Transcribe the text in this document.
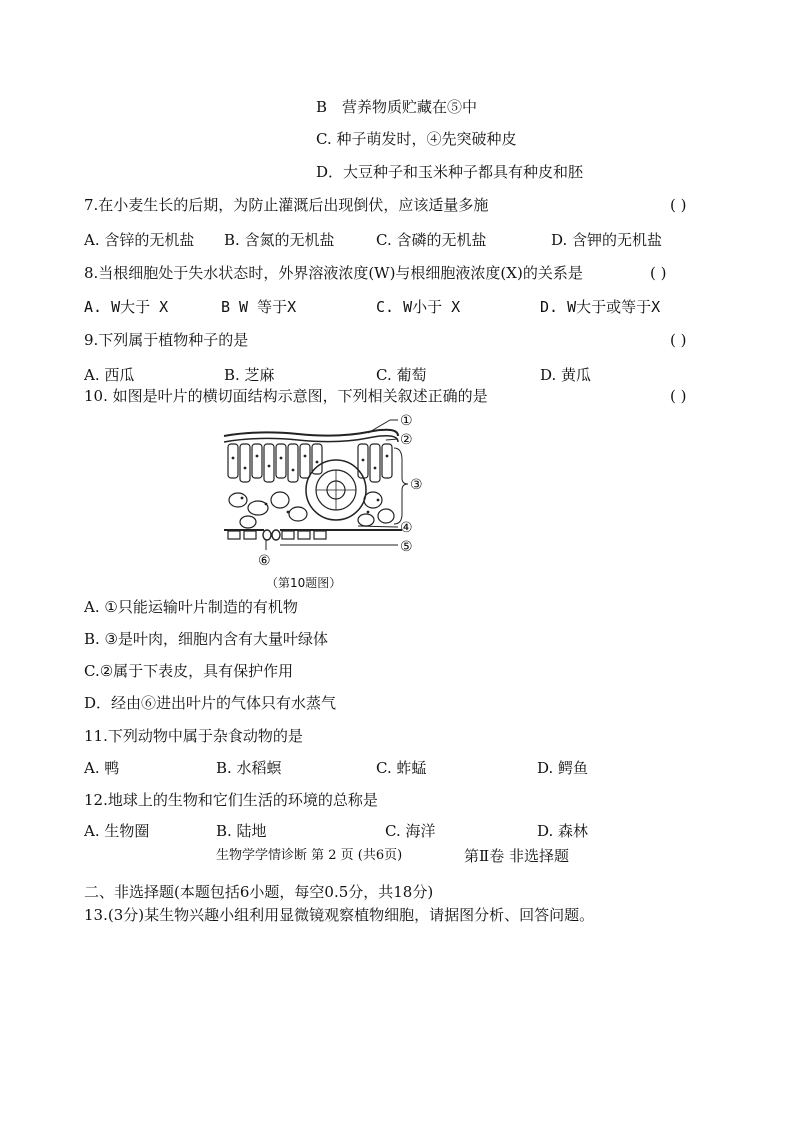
B　营养物质贮藏在⑤中
C. 种子萌发时，④先突破种皮
D．大豆种子和玉米种子都具有种皮和胚
7.在小麦生长的后期，为防止灌溉后出现倒伏，应该适量多施	( )
A. 含锌的无机盐 B. 含氮的无机盐	C. 含磷的无机盐	D. 含钾的无机盐
8.当根细胞处于失水状态时，外界溶液浓度(W)与根细胞液浓度(X)的关系是	( )
A. W大于 X	B W 等于X	C. W小于 X	D. W大于或等于X
9.下列属于植物种子的是	( )
A. 西瓜	B. 芝麻	C. 葡萄	D. 黄瓜
10. 如图是叶片的横切面结构示意图，下列相关叙述正确的是	( )
①
②
③
④
⑤
⑥
（第10题图）
A. ①只能运输叶片制造的有机物
B. ③是叶肉，细胞内含有大量叶绿体
C.②属于下表皮，具有保护作用
D．经由⑥进出叶片的气体只有水蒸气
11.下列动物中属于杂食动物的是
A. 鸭	B. 水稻螟	C. 蚱蜢	D. 鳄鱼
12.地球上的生物和它们生活的环境的总称是
A. 生物圈	B. 陆地	C. 海洋	D. 森林
生物学学情诊断 第 2 页 (共6页)	第Ⅱ卷 非选择题
二、非选择题(本题包括6小题，每空0.5分，共18分)
13.(3分)某生物兴趣小组利用显微镜观察植物细胞，请据图分析、回答问题。
